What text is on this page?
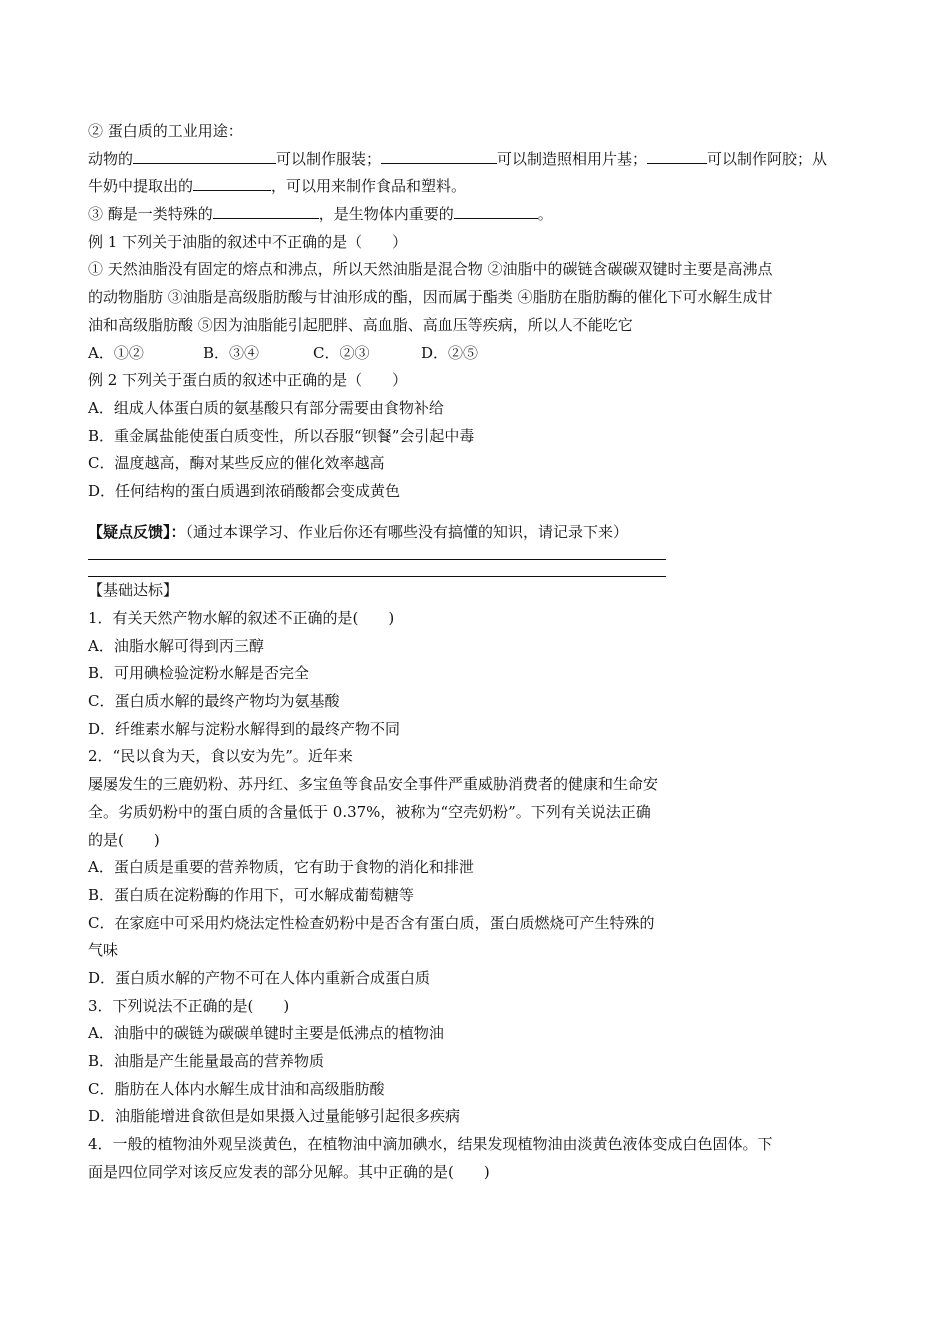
② 蛋白质的工业用途：
动物的	可以制作服装；	可以制造照相用片基；	可以制作阿胶；从
牛奶中提取出的	，可以用来制作食品和塑料。
③ 酶是一类特殊的	，是生物体内重要的	。
例 1 下列关于油脂的叙述中不正确的是（　　）
① 天然油脂没有固定的熔点和沸点，所以天然油脂是混合物 ②油脂中的碳链含碳碳双键时主要是高沸点
的动物脂肪 ③油脂是高级脂肪酸与甘油形成的酯，因而属于酯类 ④脂肪在脂肪酶的催化下可水解生成甘
油和高级脂肪酸 ⑤因为油脂能引起肥胖、高血脂、高血压等疾病，所以人不能吃它
A．①②	B．③④	C．②③	D．②⑤
例 2 下列关于蛋白质的叙述中正确的是（　　）
A．组成人体蛋白质的氨基酸只有部分需要由食物补给
B．重金属盐能使蛋白质变性，所以吞服“钡餐”会引起中毒
C．温度越高，酶对某些反应的催化效率越高
D．任何结构的蛋白质遇到浓硝酸都会变成黄色
【疑点反馈】：（通过本课学习、作业后你还有哪些没有搞懂的知识，请记录下来）
【基础达标】
1．有关天然产物水解的叙述不正确的是(　　)
A．油脂水解可得到丙三醇
B．可用碘检验淀粉水解是否完全
C．蛋白质水解的最终产物均为氨基酸
D．纤维素水解与淀粉水解得到的最终产物不同
2．“民以食为天，食以安为先”。近年来
屡屡发生的三鹿奶粉、苏丹红、多宝鱼等食品安全事件严重威胁消费者的健康和生命安
全。劣质奶粉中的蛋白质的含量低于 0.37%，被称为“空壳奶粉”。下列有关说法正确
的是(　　)
A．蛋白质是重要的营养物质，它有助于食物的消化和排泄
B．蛋白质在淀粉酶的作用下，可水解成葡萄糖等
C．在家庭中可采用灼烧法定性检查奶粉中是否含有蛋白质，蛋白质燃烧可产生特殊的
气味
D．蛋白质水解的产物不可在人体内重新合成蛋白质
3．下列说法不正确的是(　　)
A．油脂中的碳链为碳碳单键时主要是低沸点的植物油
B．油脂是产生能量最高的营养物质
C．脂肪在人体内水解生成甘油和高级脂肪酸
D．油脂能增进食欲但是如果摄入过量能够引起很多疾病
4．一般的植物油外观呈淡黄色，在植物油中滴加碘水，结果发现植物油由淡黄色液体变成白色固体。下
面是四位同学对该反应发表的部分见解。其中正确的是(　　)
